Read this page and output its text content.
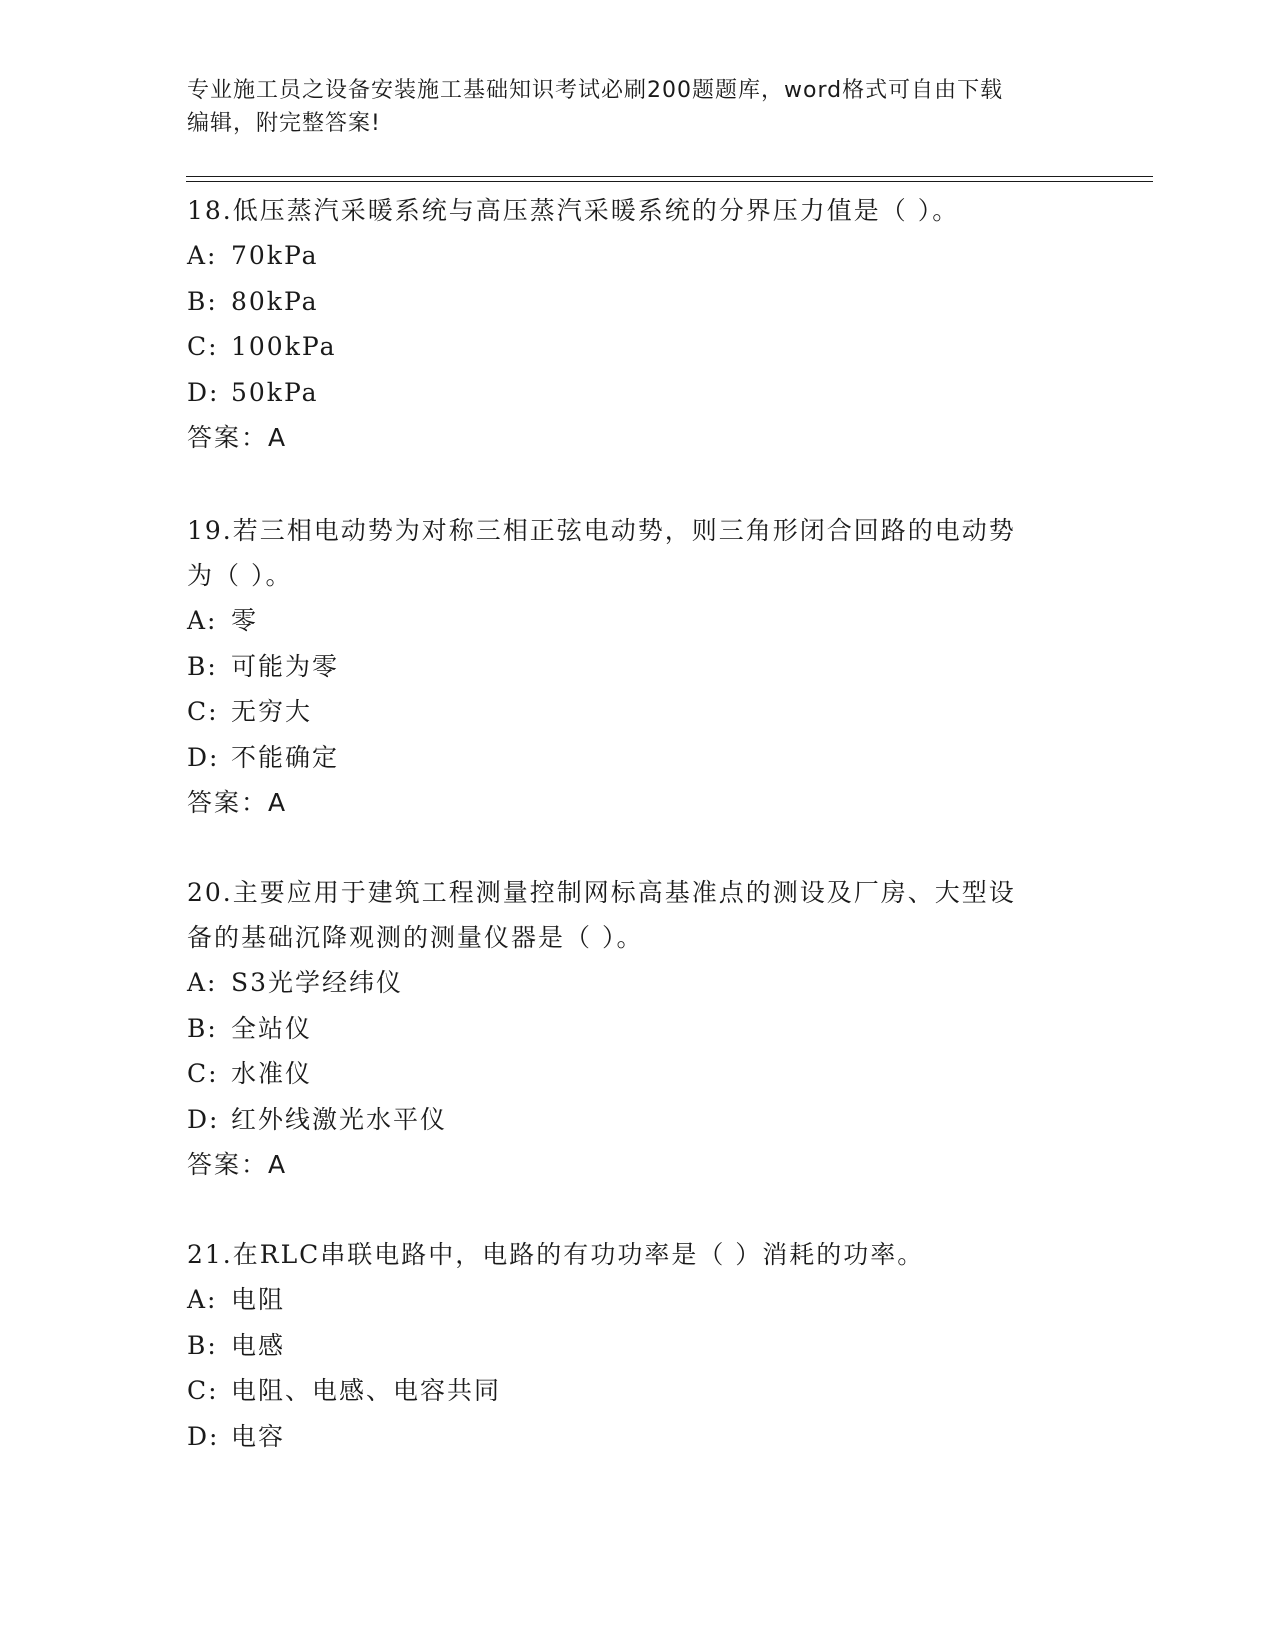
专业施工员之设备安装施工基础知识考试必刷200题题库，word格式可自由下载
编辑，附完整答案!

18.低压蒸汽采暖系统与高压蒸汽采暖系统的分界压力值是（ ）。

A: 70kPa

B: 80kPa

C: 100kPa

D: 50kPa

答案：A

19.若三相电动势为对称三相正弦电动势，则三角形闭合回路的电动势

为（ ）。

A: 零

B: 可能为零

C: 无穷大

D: 不能确定

答案：A

20.主要应用于建筑工程测量控制网标高基准点的测设及厂房、大型设

备的基础沉降观测的测量仪器是（ ）。

A: S3光学经纬仪

B: 全站仪

C: 水准仪

D: 红外线激光水平仪

答案：A

21.在RLC串联电路中，电路的有功功率是（ ）消耗的功率。

A: 电阻

B: 电感

C: 电阻、电感、电容共同

D: 电容
